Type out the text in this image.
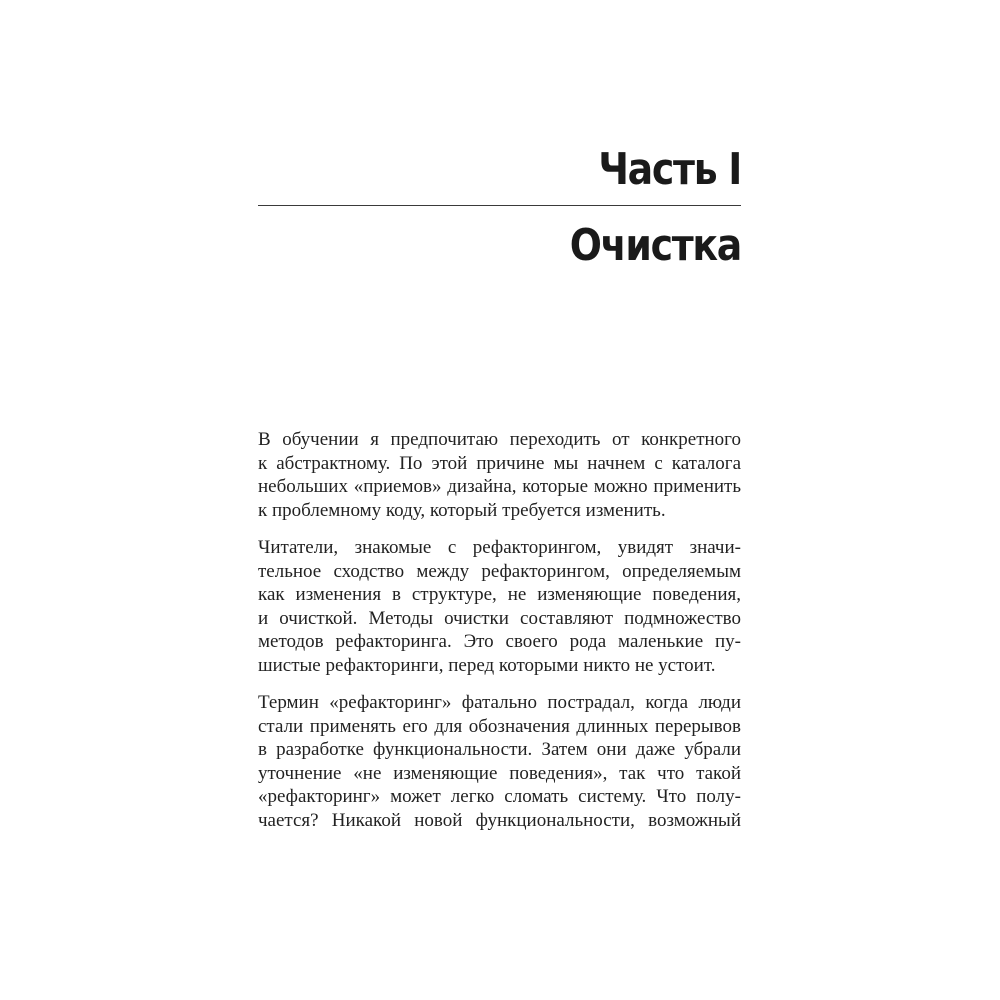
Часть I
Очистка

В обучении я предпочитаю переходить от конкретного
к абстрактному. По этой причине мы начнем с каталога
небольших «приемов» дизайна, которые можно применить
к проблемному коду, который требуется изменить.

Читатели, знакомые с рефакторингом, увидят значи-
тельное сходство между рефакторингом, определяемым
как изменения в структуре, не изменяющие поведения,
и очисткой. Методы очистки составляют подмножество
методов рефакторинга. Это своего рода маленькие пу-
шистые рефакторинги, перед которыми никто не устоит.

Термин «рефакторинг» фатально пострадал, когда люди
стали применять его для обозначения длинных перерывов
в разработке функциональности. Затем они даже убрали
уточнение «не изменяющие поведения», так что такой
«рефакторинг» может легко сломать систему. Что полу-
чается? Никакой новой функциональности, возможный
